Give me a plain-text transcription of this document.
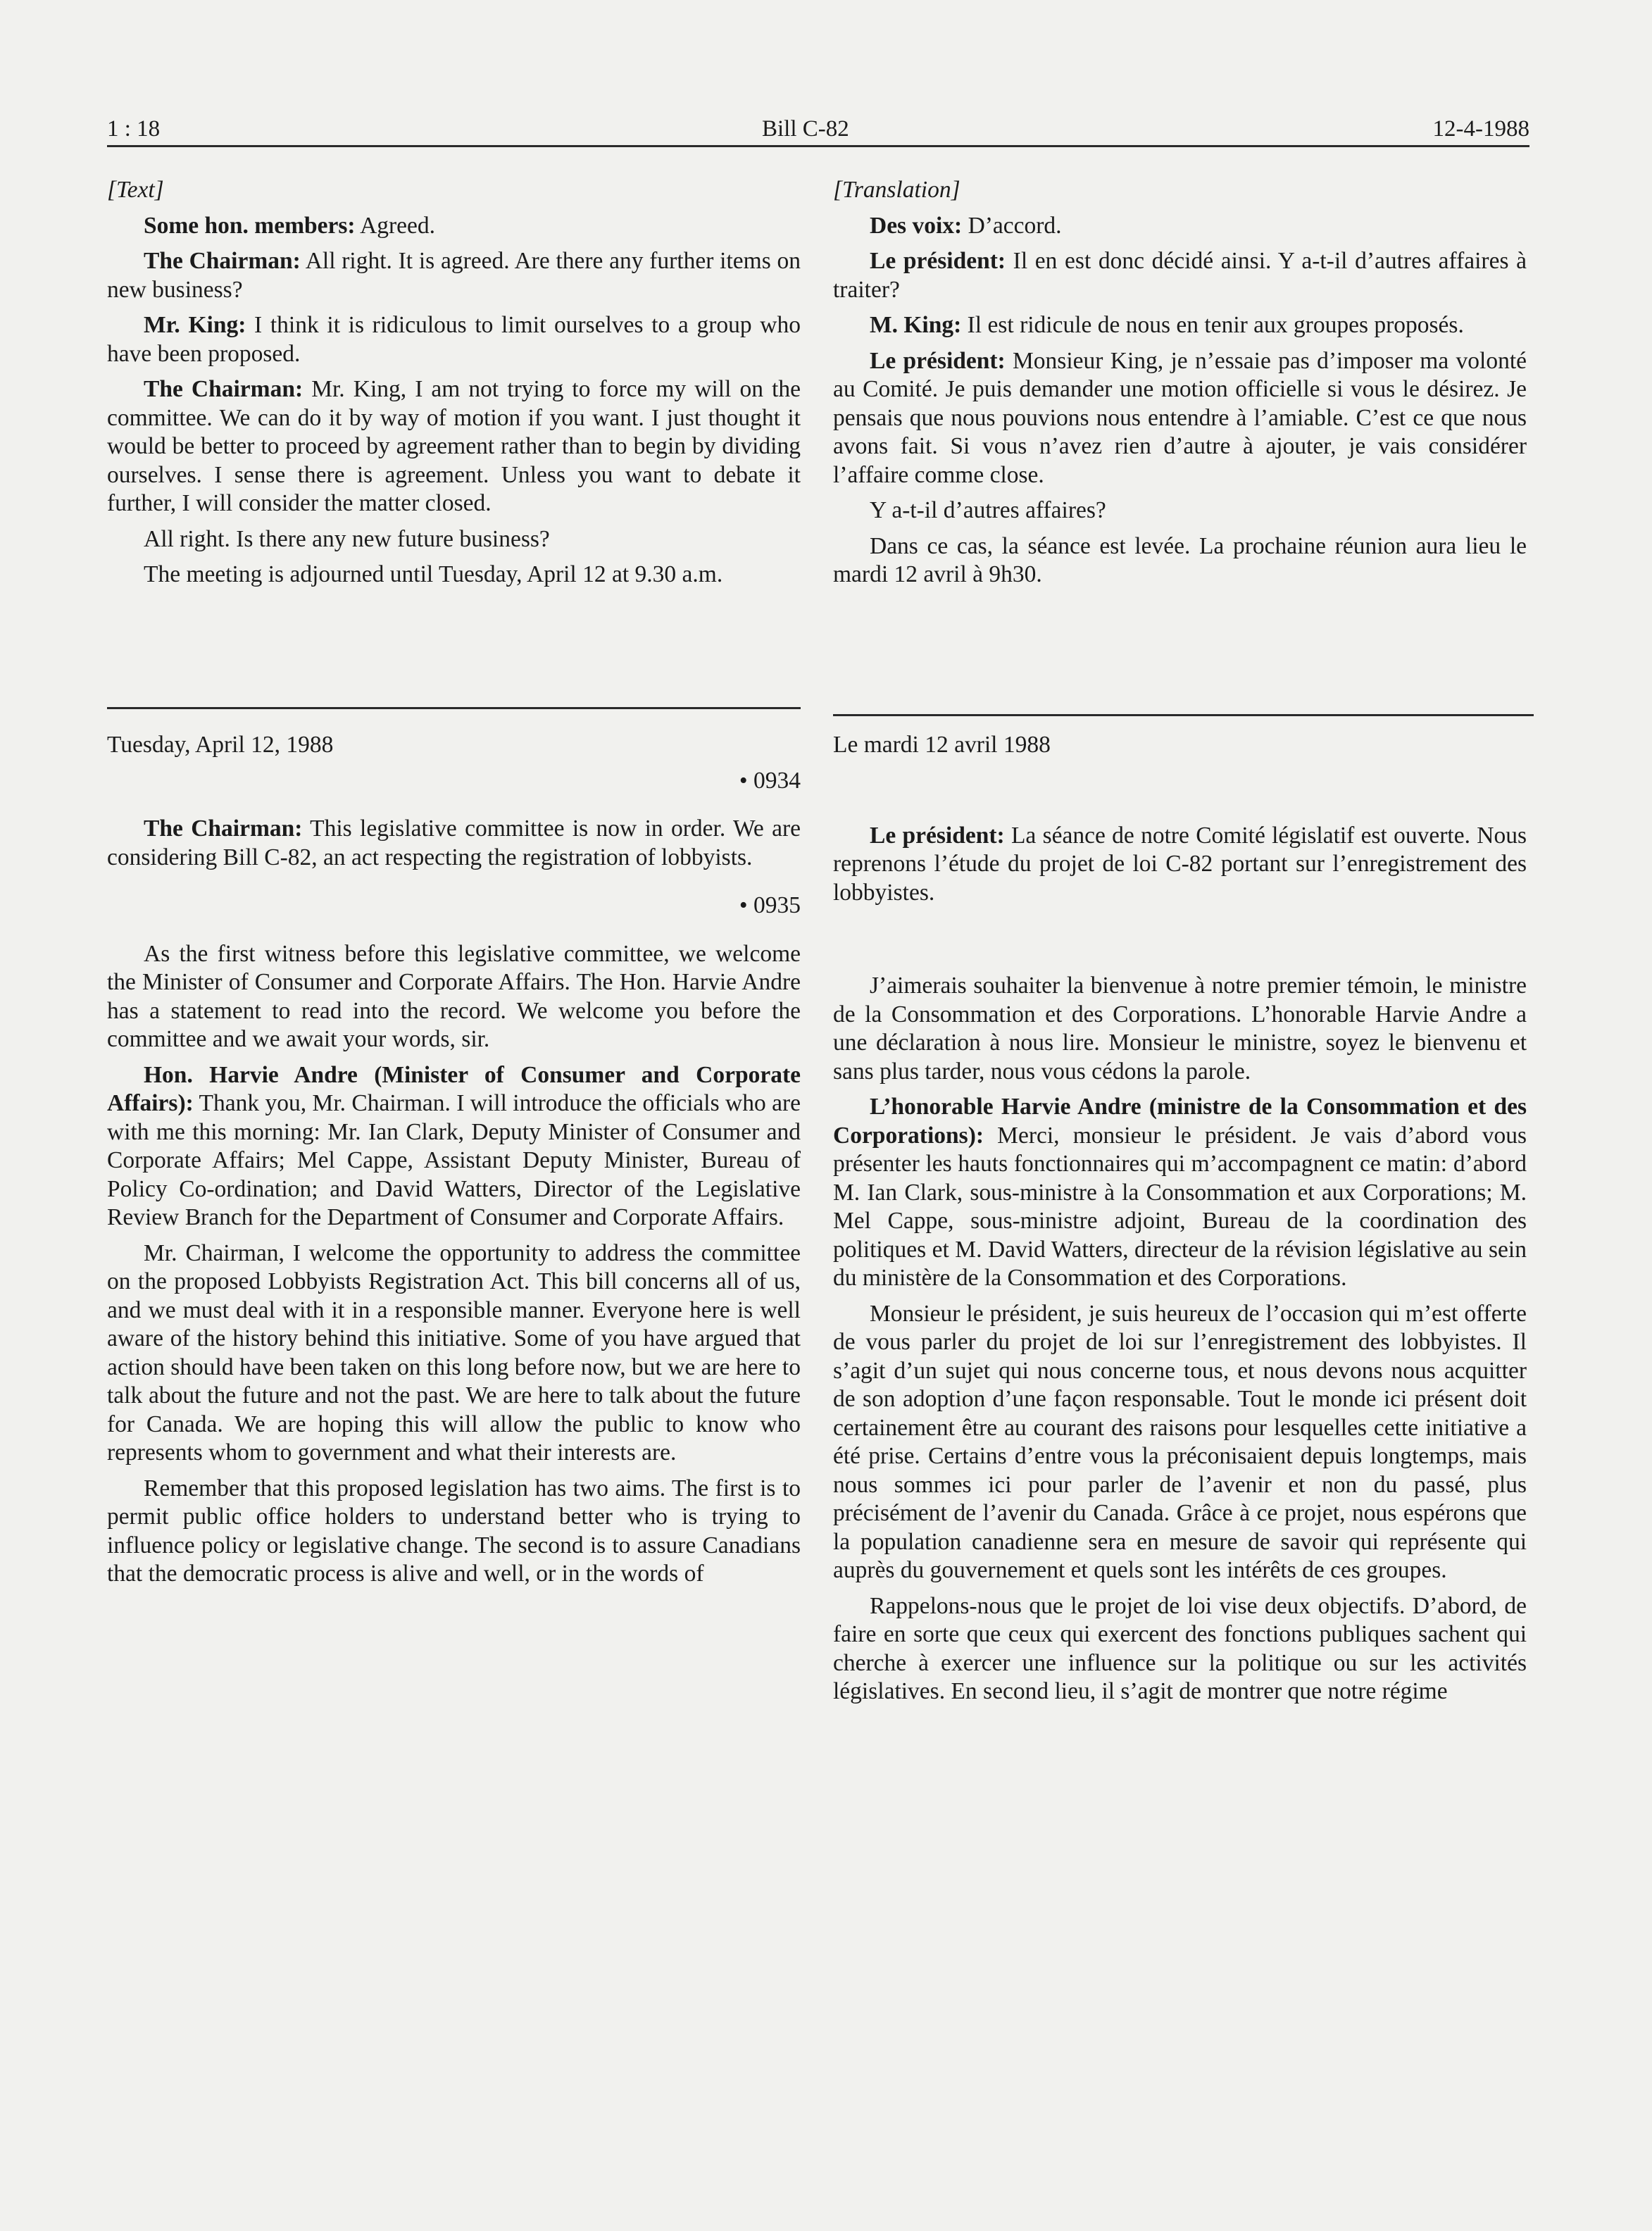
1 : 18	Bill C-82	12-4-1988

[Text]

Some hon. members: Agreed.

The Chairman: All right. It is agreed. Are there any further items on new business?

Mr. King: I think it is ridiculous to limit ourselves to a group who have been proposed.

The Chairman: Mr. King, I am not trying to force my will on the committee. We can do it by way of motion if you want. I just thought it would be better to proceed by agreement rather than to begin by dividing ourselves. I sense there is agreement. Unless you want to debate it further, I will consider the matter closed.

All right. Is there any new future business?

The meeting is adjourned until Tuesday, April 12 at 9.30 a.m.

[Translation]

Des voix: D’accord.

Le président: Il en est donc décidé ainsi. Y a-t-il d’autres affaires à traiter?

M. King: Il est ridicule de nous en tenir aux groupes proposés.

Le président: Monsieur King, je n’essaie pas d’imposer ma volonté au Comité. Je puis demander une motion officielle si vous le désirez. Je pensais que nous pouvions nous entendre à l’amiable. C’est ce que nous avons fait. Si vous n’avez rien d’autre à ajouter, je vais considérer l’affaire comme close.

Y a-t-il d’autres affaires?

Dans ce cas, la séance est levée. La prochaine réunion aura lieu le mardi 12 avril à 9h30.

Tuesday, April 12, 1988

• 0934

The Chairman: This legislative committee is now in order. We are considering Bill C-82, an act respecting the registration of lobbyists.

• 0935

As the first witness before this legislative committee, we welcome the Minister of Consumer and Corporate Affairs. The Hon. Harvie Andre has a statement to read into the record. We welcome you before the committee and we await your words, sir.

Hon. Harvie Andre (Minister of Consumer and Corporate Affairs): Thank you, Mr. Chairman. I will introduce the officials who are with me this morning: Mr. Ian Clark, Deputy Minister of Consumer and Corporate Affairs; Mel Cappe, Assistant Deputy Minister, Bureau of Policy Co-ordination; and David Watters, Director of the Legislative Review Branch for the Department of Consumer and Corporate Affairs.

Mr. Chairman, I welcome the opportunity to address the committee on the proposed Lobbyists Registration Act. This bill concerns all of us, and we must deal with it in a responsible manner. Everyone here is well aware of the history behind this initiative. Some of you have argued that action should have been taken on this long before now, but we are here to talk about the future and not the past. We are here to talk about the future for Canada. We are hoping this will allow the public to know who represents whom to government and what their interests are.

Remember that this proposed legislation has two aims. The first is to permit public office holders to understand better who is trying to influence policy or legislative change. The second is to assure Canadians that the democratic process is alive and well, or in the words of

Le mardi 12 avril 1988

Le président: La séance de notre Comité législatif est ouverte. Nous reprenons l’étude du projet de loi C-82 portant sur l’enregistrement des lobbyistes.

J’aimerais souhaiter la bienvenue à notre premier témoin, le ministre de la Consommation et des Corporations. L’honorable Harvie Andre a une déclaration à nous lire. Monsieur le ministre, soyez le bienvenu et sans plus tarder, nous vous cédons la parole.

L’honorable Harvie Andre (ministre de la Consommation et des Corporations): Merci, monsieur le président. Je vais d’abord vous présenter les hauts fonctionnaires qui m’accompagnent ce matin: d’abord M. Ian Clark, sous-ministre à la Consommation et aux Corporations; M. Mel Cappe, sous-ministre adjoint, Bureau de la coordination des politiques et M. David Watters, directeur de la révision législative au sein du ministère de la Consommation et des Corporations.

Monsieur le président, je suis heureux de l’occasion qui m’est offerte de vous parler du projet de loi sur l’enregistrement des lobbyistes. Il s’agit d’un sujet qui nous concerne tous, et nous devons nous acquitter de son adoption d’une façon responsable. Tout le monde ici présent doit certainement être au courant des raisons pour lesquelles cette initiative a été prise. Certains d’entre vous la préconisaient depuis longtemps, mais nous sommes ici pour parler de l’avenir et non du passé, plus précisément de l’avenir du Canada. Grâce à ce projet, nous espérons que la population canadienne sera en mesure de savoir qui représente qui auprès du gouvernement et quels sont les intérêts de ces groupes.

Rappelons-nous que le projet de loi vise deux objectifs. D’abord, de faire en sorte que ceux qui exercent des fonctions publiques sachent qui cherche à exercer une influence sur la politique ou sur les activités législatives. En second lieu, il s’agit de montrer que notre régime
